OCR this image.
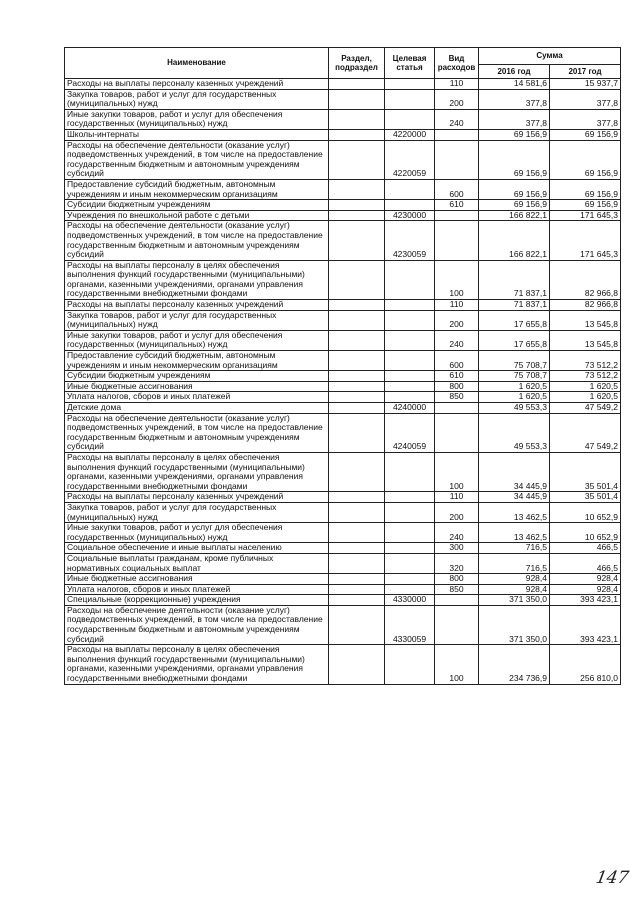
Наименование	Раздел, подраздел	Целевая статья	Вид расходов	Сумма	
				2016 год	2017 год
Расходы на выплаты персоналу казенных учреждений			110	14 581,6	15 937,7
Закупка товаров, работ и услуг для государственных (муниципальных) нужд			200	377,8	377,8
Иные закупки товаров, работ и услуг для обеспечения государственных (муниципальных) нужд			240	377,8	377,8
Школы-интернаты		4220000		69 156,9	69 156,9
Расходы на обеспечение деятельности (оказание услуг) подведомственных учреждений, в том числе на предоставление государственным бюджетным и автономным учреждениям субсидий		4220059		69 156,9	69 156,9
Предоставление субсидий бюджетным, автономным учреждениям и иным некоммерческим организациям			600	69 156,9	69 156,9
Субсидии бюджетным учреждениям			610	69 156,9	69 156,9
Учреждения по внешкольной работе с детьми		4230000		166 822,1	171 645,3
Расходы на обеспечение деятельности (оказание услуг) подведомственных учреждений, в том числе на предоставление государственным бюджетным и автономным учреждениям субсидий		4230059		166 822,1	171 645,3
Расходы на выплаты персоналу в целях обеспечения выполнения функций государственными (муниципальными) органами, казенными учреждениями, органами управления государственными внебюджетными фондами			100	71 837,1	82 966,8
Расходы на выплаты персоналу казенных учреждений			110	71 837,1	82 966,8
Закупка товаров, работ и услуг для государственных (муниципальных) нужд			200	17 655,8	13 545,8
Иные закупки товаров, работ и услуг для обеспечения государственных (муниципальных) нужд			240	17 655,8	13 545,8
Предоставление субсидий бюджетным, автономным учреждениям и иным некоммерческим организациям			600	75 708,7	73 512,2
Субсидии бюджетным учреждениям			610	75 708,7	73 512,2
Иные бюджетные ассигнования			800	1 620,5	1 620,5
Уплата налогов, сборов и иных платежей			850	1 620,5	1 620,5
Детские дома		4240000		49 553,3	47 549,2
Расходы на обеспечение деятельности (оказание услуг) подведомственных учреждений, в том числе на предоставление государственным бюджетным и автономным учреждениям субсидий		4240059		49 553,3	47 549,2
Расходы на выплаты персоналу в целях обеспечения выполнения функций государственными (муниципальными) органами, казенными учреждениями, органами управления государственными внебюджетными фондами			100	34 445,9	35 501,4
Расходы на выплаты персоналу казенных учреждений			110	34 445,9	35 501,4
Закупка товаров, работ и услуг для государственных (муниципальных) нужд			200	13 462,5	10 652,9
Иные закупки товаров, работ и услуг для обеспечения государственных (муниципальных) нужд			240	13 462,5	10 652,9
Социальное обеспечение и иные выплаты населению			300	716,5	466,5
Социальные выплаты гражданам, кроме публичных нормативных социальных выплат			320	716,5	466,5
Иные бюджетные ассигнования			800	928,4	928,4
Уплата налогов, сборов и иных платежей			850	928,4	928,4
Специальные (коррекционные) учреждения		4330000		371 350,0	393 423,1
Расходы на обеспечение деятельности (оказание услуг) подведомственных учреждений, в том числе на предоставление государственным бюджетным и автономным учреждениям субсидий		4330059		371 350,0	393 423,1
Расходы на выплаты персоналу в целях обеспечения выполнения функций государственными (муниципальными) органами, казенными учреждениями, органами управления государственными внебюджетными фондами			100	234 736,9	256 810,0
147
